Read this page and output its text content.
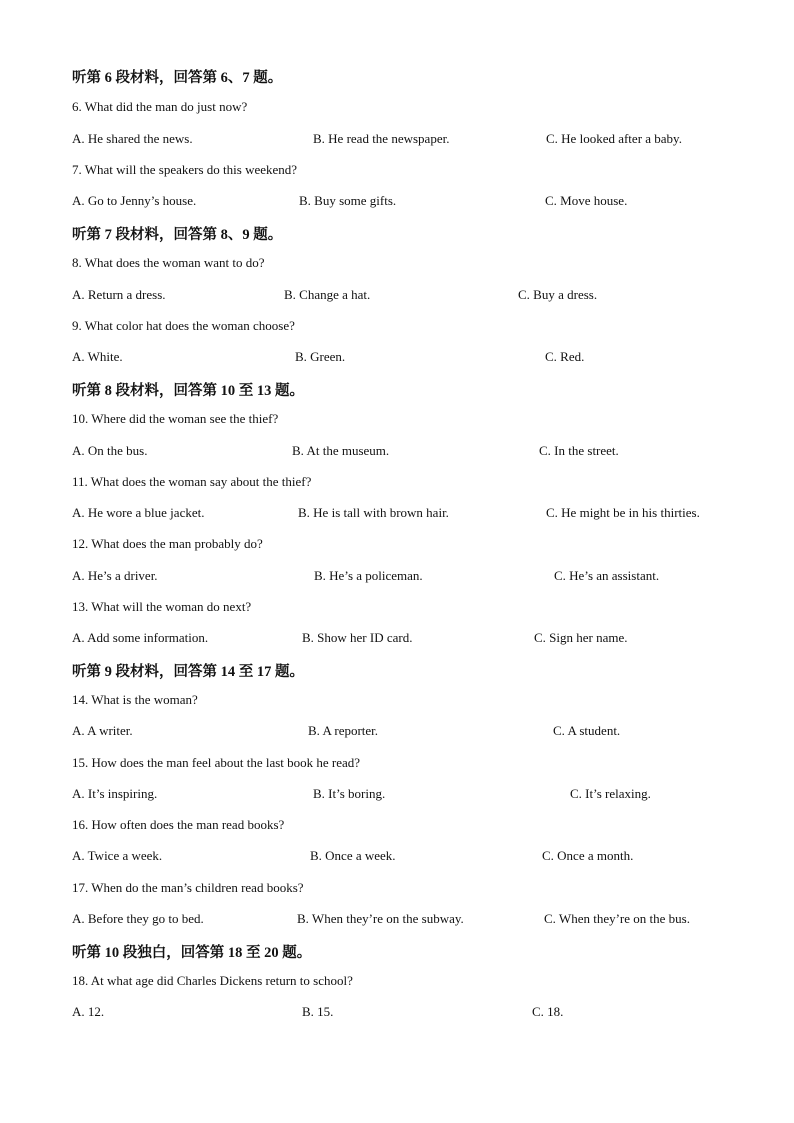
听第 6 段材料，回答第 6、7 题。
6. What did the man do just now?
A. He shared the news.	B. He read the newspaper.	C. He looked after a baby.
7. What will the speakers do this weekend?
A. Go to Jenny’s house.	B. Buy some gifts.	C. Move house.
听第 7 段材料，回答第 8、9 题。
8. What does the woman want to do?
A. Return a dress.	B. Change a hat.	C. Buy a dress.
9. What color hat does the woman choose?
A. White.	B. Green.	C. Red.
听第 8 段材料，回答第 10 至 13 题。
10. Where did the woman see the thief?
A. On the bus.	B. At the museum.	C. In the street.
11. What does the woman say about the thief?
A. He wore a blue jacket.	B. He is tall with brown hair.	C. He might be in his thirties.
12. What does the man probably do?
A. He’s a driver.	B. He’s a policeman.	C. He’s an assistant.
13. What will the woman do next?
A. Add some information.	B. Show her ID card.	C. Sign her name.
听第 9 段材料，回答第 14 至 17 题。
14. What is the woman?
A. A writer.	B. A reporter.	C. A student.
15. How does the man feel about the last book he read?
A. It’s inspiring.	B. It’s boring.	C. It’s relaxing.
16. How often does the man read books?
A. Twice a week.	B. Once a week.	C. Once a month.
17. When do the man’s children read books?
A. Before they go to bed.	B. When they’re on the subway.	C. When they’re on the bus.
听第 10 段独白，回答第 18 至 20 题。
18. At what age did Charles Dickens return to school?
A. 12.	B. 15.	C. 18.
